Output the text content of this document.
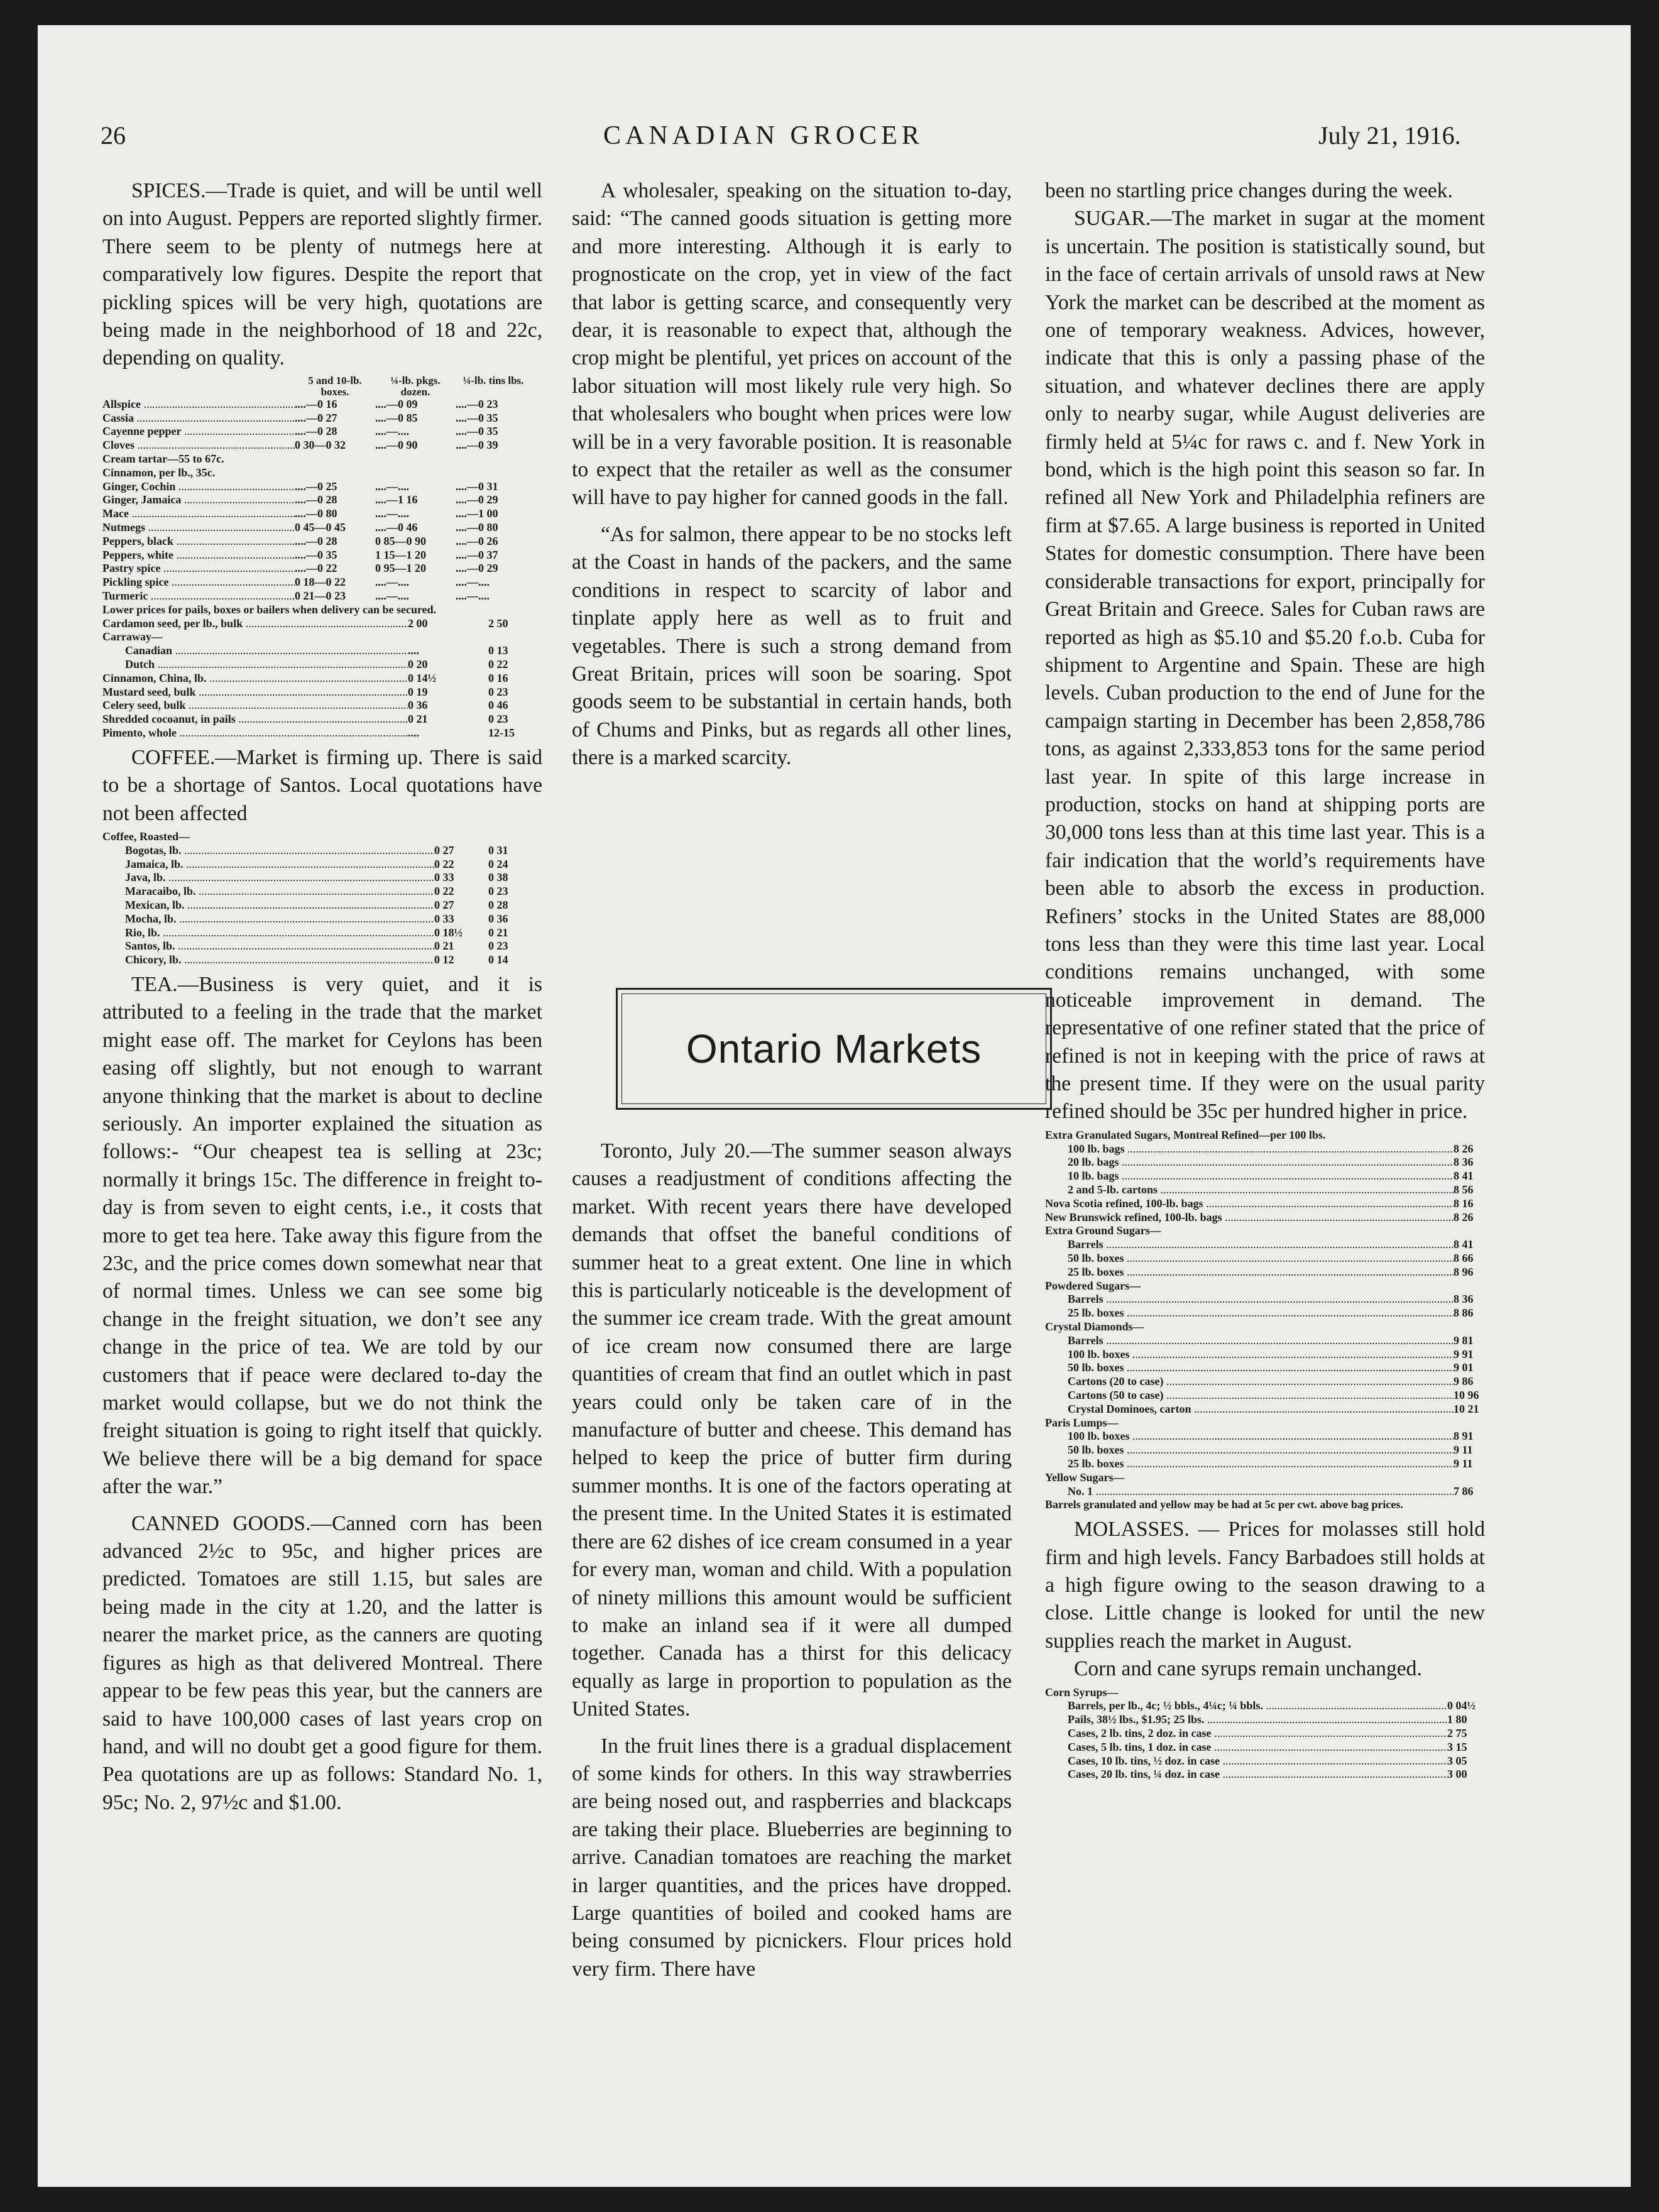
26	CANADIAN GROCER	July 21, 1916.

SPICES.—Trade is quiet, and will be until well on into August. Peppers are reported slightly firmer. There seem to be plenty of nutmegs here at comparatively low figures. Despite the report that pickling spices will be very high, quotations are being made in the neighborhood of 18 and 22c, depending on quality.

5 and 10-lb. boxes.
¼-lb. pkgs. dozen.
¼-lb. tins lbs.
Allspice .....	....—0 16	....—0 09	....—0 23
Cassia .....	....—0 27	....—0 85	....—0 35
Cayenne pepper .....	....—0 28	....—....	....—0 35
Cloves .....	0 30—0 32	....—0 90	....—0 39
Cream tartar—55 to 67c.
Cinnamon, per lb., 35c.
Ginger, Cochin .....	....—0 25	....—....	....—0 31
Ginger, Jamaica .....	....—0 28	....—1 16	....—0 29
Mace .....	....—0 80	....—....	....—1 00
Nutmegs .....	0 45—0 45	....—0 46	....—0 80
Peppers, black .....	....—0 28	0 85—0 90	....—0 26
Peppers, white .....	....—0 35	1 15—1 20	....—0 37
Pastry spice .....	....—0 22	0 95—1 20	....—0 29
Pickling spice .....	0 18—0 22	....—....	....—....
Turmeric .....	0 21—0 23	....—....	....—....
Lower prices for pails, boxes or bailers when delivery can be secured.
Cardamon seed, per lb., bulk .....	2 00	2 50
Carraway—
Canadian .....	....	0 13
Dutch .....	0 20	0 22
Cinnamon, China, lb. .....	0 14½	0 16
Mustard seed, bulk .....	0 19	0 23
Celery seed, bulk .....	0 36	0 46
Shredded cocoanut, in pails .....	0 21	0 23
Pimento, whole .....	....	12-15

COFFEE.—Market is firming up. There is said to be a shortage of Santos. Local quotations have not been affected

Coffee, Roasted—
Bogotas, lb. .....	0 27	0 31
Jamaica, lb. .....	0 22	0 24
Java, lb. .....	0 33	0 38
Maracaibo, lb. .....	0 22	0 23
Mexican, lb. .....	0 27	0 28
Mocha, lb. .....	0 33	0 36
Rio, lb. .....	0 18½	0 21
Santos, lb. .....	0 21	0 23
Chicory, lb. .....	0 12	0 14

TEA.—Business is very quiet, and it is attributed to a feeling in the trade that the market might ease off. The market for Ceylons has been easing off slightly, but not enough to warrant anyone thinking that the market is about to decline seriously. An importer explained the situation as follows:- “Our cheapest tea is selling at 23c; normally it brings 15c. The difference in freight to-day is from seven to eight cents, i.e., it costs that more to get tea here. Take away this figure from the 23c, and the price comes down somewhat near that of normal times. Unless we can see some big change in the freight situation, we don’t see any change in the price of tea. We are told by our customers that if peace were declared to-day the market would collapse, but we do not think the freight situation is going to right itself that quickly. We believe there will be a big demand for space after the war.”

CANNED GOODS.—Canned corn has been advanced 2½c to 95c, and higher prices are predicted. Tomatoes are still 1.15, but sales are being made in the city at 1.20, and the latter is nearer the market price, as the canners are quoting figures as high as that delivered Montreal. There appear to be few peas this year, but the canners are said to have 100,000 cases of last years crop on hand, and will no doubt get a good figure for them. Pea quotations are up as follows: Standard No. 1, 95c; No. 2, 97½c and $1.00.

A wholesaler, speaking on the situation to-day, said: “The canned goods situation is getting more and more interesting. Although it is early to prognosticate on the crop, yet in view of the fact that labor is getting scarce, and consequently very dear, it is reasonable to expect that, although the crop might be plentiful, yet prices on account of the labor situation will most likely rule very high. So that wholesalers who bought when prices were low will be in a very favorable position. It is reasonable to expect that the retailer as well as the consumer will have to pay higher for canned goods in the fall.

“As for salmon, there appear to be no stocks left at the Coast in hands of the packers, and the same conditions in respect to scarcity of labor and tinplate apply here as well as to fruit and vegetables. There is such a strong demand from Great Britain, prices will soon be soaring. Spot goods seem to be substantial in certain hands, both of Chums and Pinks, but as regards all other lines, there is a marked scarcity.

Ontario Markets

Toronto, July 20.—The summer season always causes a readjustment of conditions affecting the market. With recent years there have developed demands that offset the baneful conditions of summer heat to a great extent. One line in which this is particularly noticeable is the development of the summer ice cream trade. With the great amount of ice cream now consumed there are large quantities of cream that find an outlet which in past years could only be taken care of in the manufacture of butter and cheese. This demand has helped to keep the price of butter firm during summer months. It is one of the factors operating at the present time. In the United States it is estimated there are 62 dishes of ice cream consumed in a year for every man, woman and child. With a population of ninety millions this amount would be sufficient to make an inland sea if it were all dumped together. Canada has a thirst for this delicacy equally as large in proportion to population as the United States.

In the fruit lines there is a gradual displacement of some kinds for others. In this way strawberries are being nosed out, and raspberries and blackcaps are taking their place. Blueberries are beginning to arrive. Canadian tomatoes are reaching the market in larger quantities, and the prices have dropped. Large quantities of boiled and cooked hams are being consumed by picnickers. Flour prices hold very firm. There have

been no startling price changes during the week.

SUGAR.—The market in sugar at the moment is uncertain. The position is statistically sound, but in the face of certain arrivals of unsold raws at New York the market can be described at the moment as one of temporary weakness. Advices, however, indicate that this is only a passing phase of the situation, and whatever declines there are apply only to nearby sugar, while August deliveries are firmly held at 5¼c for raws c. and f. New York in bond, which is the high point this season so far. In refined all New York and Philadelphia refiners are firm at $7.65. A large business is reported in United States for domestic consumption. There have been considerable transactions for export, principally for Great Britain and Greece. Sales for Cuban raws are reported as high as $5.10 and $5.20 f.o.b. Cuba for shipment to Argentine and Spain. These are high levels. Cuban production to the end of June for the campaign starting in December has been 2,858,786 tons, as against 2,333,853 tons for the same period last year. In spite of this large increase in production, stocks on hand at shipping ports are 30,000 tons less than at this time last year. This is a fair indication that the world’s requirements have been able to absorb the excess in production. Refiners’ stocks in the United States are 88,000 tons less than they were this time last year. Local conditions remains unchanged, with some noticeable improvement in demand. The representative of one refiner stated that the price of refined is not in keeping with the price of raws at the present time. If they were on the usual parity refined should be 35c per hundred higher in price.

Extra Granulated Sugars, Montreal Refined—per 100 lbs.
100 lb. bags .....	8 26
20 lb. bags .....	8 36
10 lb. bags .....	8 41
2 and 5-lb. cartons .....	8 56
Nova Scotia refined, 100-lb. bags .....	8 16
New Brunswick refined, 100-lb. bags .....	8 26
Extra Ground Sugars—
Barrels .....	8 41
50 lb. boxes .....	8 66
25 lb. boxes .....	8 96
Powdered Sugars—
Barrels .....	8 36
25 lb. boxes .....	8 86
Crystal Diamonds—
Barrels .....	9 81
100 lb. boxes .....	9 91
50 lb. boxes .....	9 01
Cartons (20 to case) .....	9 86
Cartons (50 to case) .....	10 96
Crystal Dominoes, carton .....	10 21
Paris Lumps—
100 lb. boxes .....	8 91
50 lb. boxes .....	9 11
25 lb. boxes .....	9 11
Yellow Sugars—
No. 1 .....	7 86
Barrels granulated and yellow may be had at 5c per cwt. above bag prices.

MOLASSES. — Prices for molasses still hold firm and high levels. Fancy Barbadoes still holds at a high figure owing to the season drawing to a close. Little change is looked for until the new supplies reach the market in August.

Corn and cane syrups remain unchanged.

Corn Syrups—
Barrels, per lb., 4c; ½ bbls., 4¼c; ¼ bbls. .....	0 04½
Pails, 38½ lbs., $1.95; 25 lbs. .....	1 80
Cases, 2 lb. tins, 2 doz. in case .....	2 75
Cases, 5 lb. tins, 1 doz. in case .....	3 15
Cases, 10 lb. tins, ½ doz. in case .....	3 05
Cases, 20 lb. tins, ¼ doz. in case .....	3 00
